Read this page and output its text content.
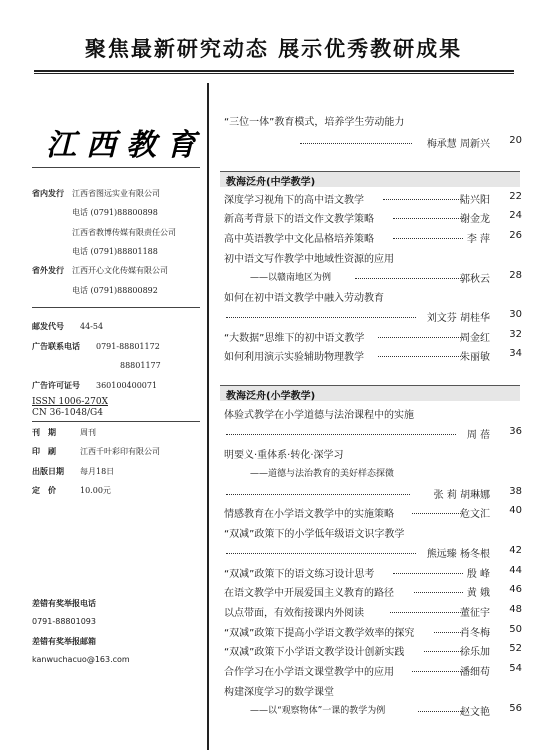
聚焦最新研究动态 展示优秀教研成果
江西教育
省内发行 江西省图远实业有限公司
电话 (0791)88800898
江西省教博传媒有限责任公司
电话 (0791)88801188
省外发行 江西开心文化传媒有限公司
电话 (0791)88800892
邮发代号 44-54
广告联系电话 0791-88801172
88801177
广告许可证号 360100400071
ISSN 1006-270X
CN 36-1048/G4
刊　期	周刊
印　刷	江西千叶彩印有限公司
出版日期 每月18日
定　价	10.00元
差错有奖举报电话
0791-88801093
差错有奖举报邮箱
kanwuchacuo@163.com
“三位一体”教育模式，培养学生劳动能力
梅承慧 周新兴	20
教海泛舟(中学教学)
深度学习视角下的高中语文教学	陆兴阳	22
新高考背景下的语文作文教学策略	谢金龙	24
高中英语教学中文化品格培养策略	李 萍	26
初中语文写作教学中地域性资源的应用
——以赣南地区为例	郭秋云	28
如何在初中语文教学中融入劳动教育
刘文芬 胡桂华	30
“大数据”思维下的初中语文教学	周金红	32
如何利用演示实验辅助物理教学	朱丽敏	34
教海泛舟(小学教学)
体验式教学在小学道德与法治课程中的实施
周 蓓	36
明要义·重体系·转化·深学习
——道德与法治教育的美好样态探微
张 莉 胡琳娜	38
情感教育在小学语文教学中的实施策略	危文汇	40
“双减”政策下的小学低年级语文识字教学
熊远臻 杨冬根	42
“双减”政策下的语文练习设计思考	殷 峰	44
在语文教学中开展爱国主义教育的路径	黄 娥	46
以点带面，有效衔接课内外阅读	董征宇	48
“双减”政策下提高小学语文教学效率的探究	肖冬梅	50
“双减”政策下小学语文教学设计创新实践	徐乐加	52
合作学习在小学语文课堂教学中的应用	潘细苟	54
构建深度学习的数学课堂
——以“观察物体”一课的教学为例	赵文艳	56
